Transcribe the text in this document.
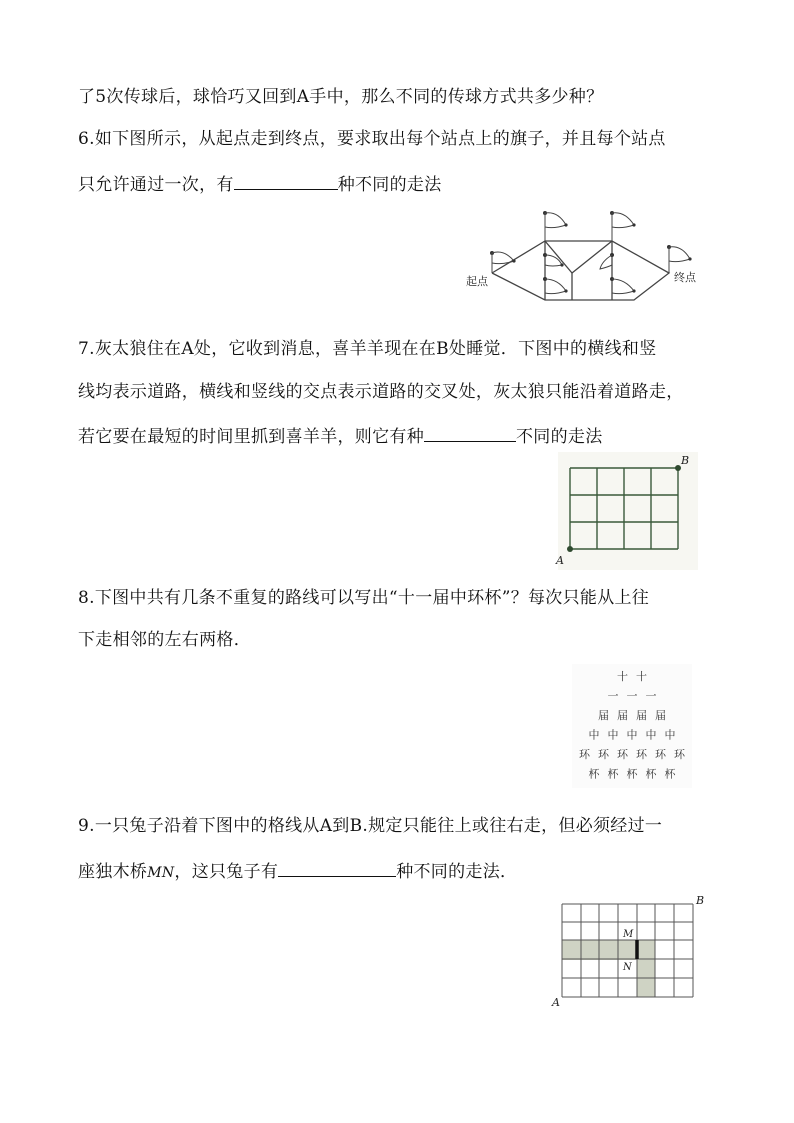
了5次传球后，球恰巧又回到A手中，那么不同的传球方式共多少种？
6.如下图所示，从起点走到终点，要求取出每个站点上的旗子，并且每个站点
只允许通过一次，有	种不同的走法
7.灰太狼住在A处，它收到消息，喜羊羊现在在B处睡觉．下图中的横线和竖
线均表示道路，横线和竖线的交点表示道路的交叉处，灰太狼只能沿着道路走，
若它要在最短的时间里抓到喜羊羊，则它有种	不同的走法
8.下图中共有几条不重复的路线可以写出“十一届中环杯”？每次只能从上往
下走相邻的左右两格．
9.一只兔子沿着下图中的格线从A到B.规定只能往上或往右走，但必须经过一
座独木桥MN，这只兔子有	种不同的走法．
起点	终点
A
B
十 十
一 一 一
届 届 届 届
中 中 中 中 中
环 环 环 环 环 环
杯 杯 杯 杯 杯
M
N
A
B
